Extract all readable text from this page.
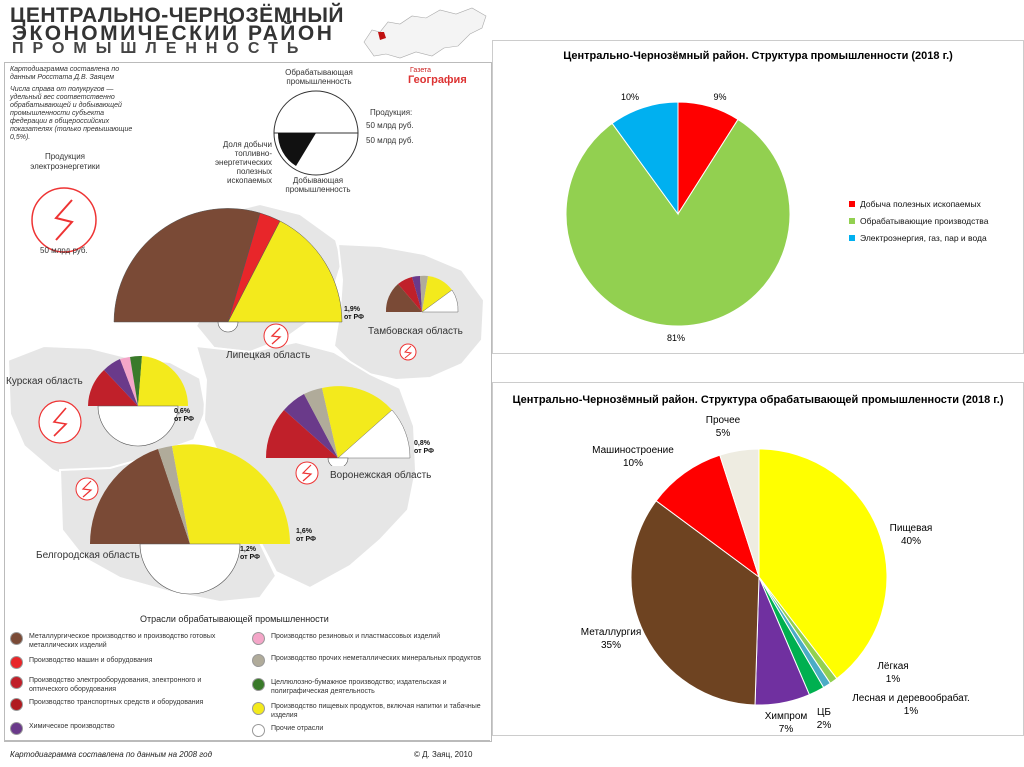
ЦЕНТРАЛЬНО-ЧЕРНОЗЁМНЫЙ
ЭКОНОМИЧЕСКИЙ РАЙОН
ПРОМЫШЛЕННОСТЬ
Картодиаграмма составлена по данным Росстата Д.В. Заяцем
Числа справа от полукругов — удельный вес соответственно обрабатывающей и добывающей промышленности субъекта федерации в общероссийских показателях (только превышающие 0,5%).
Газета
География
Обрабатывающая промышленность
Продукция:
50 млрд руб.
50 млрд руб.
Доля добычи топливно-энергетических полезных ископаемых	Добывающая промышленность
Продукция электроэнергетики
50 млрд руб.
1,9%
от РФ
Липецкая область
Тамбовская область
0,6%
от РФ
Курская область
0,8%
от РФ
Воронежская область
1,6%
от РФ
1,2%
от РФ
Белгородская область
Отрасли обрабатывающей промышленности
Металлургическое производство и производство готовых металлических изделий
Производство машин и оборудования
Производство электрооборудования, электронного и оптического оборудования
Производство транспортных средств и оборудования
Химическое производство
Производство резиновых и пластмассовых изделий
Производство прочих неметаллических минеральных продуктов
Целлюлозно-бумажное производство; издательская и полиграфическая деятельность
Производство пищевых продуктов, включая напитки и табачные изделия
Прочие отрасли
Картодиаграмма составлена по данным на 2008 год	© Д. Заяц, 2010
Центрально-Чернозёмный район. Структура промышленности (2018 г.)
9%
81%
10%
Добыча полезных ископаемых
Обрабатывающие производства
Электроэнергия, газ, пар и вода
Центрально-Чернозёмный район. Структура обрабатывающей промышленности (2018 г.)
Пищевая 40%
Лёгкая 1%
Лесная и деревообрабат. 1%
ЦБ 2%
Химпром 7%
Металлургия 35%
Машиностроение 10%
Прочее 5%
